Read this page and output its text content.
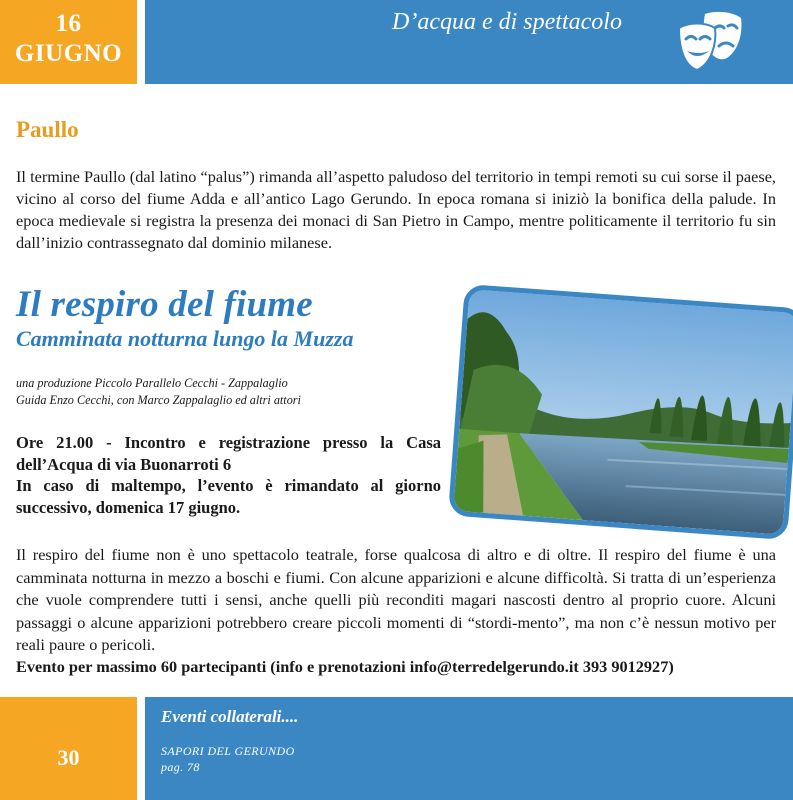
16
GIUGNO
D’acqua e di spettacolo
Paullo

Il termine Paullo (dal latino “palus”) rimanda all’aspetto paludoso del territorio in tempi remoti su cui sorse il paese, vicino al corso del fiume Adda e all’antico Lago Gerundo. In epoca romana si iniziò la bonifica della palude. In epoca medievale si registra la presenza dei monaci di San Pietro in Campo, mentre politicamente il territorio fu sin dall’inizio contrassegnato dal dominio milanese.

Il respiro del fiume
Camminata notturna lungo la Muzza
una produzione Piccolo Parallelo Cecchi - Zappalaglio
Guida Enzo Cecchi, con Marco Zappalaglio ed altri attori
Ore 21.00 - Incontro e registrazione presso la Casa dell’Acqua di via Buonarroti 6
In caso di maltempo, l’evento è rimandato al giorno successivo, domenica 17 giugno.

Il respiro del fiume non è uno spettacolo teatrale, forse qualcosa di altro e di oltre. Il respiro del fiume è una camminata notturna in mezzo a boschi e fiumi. Con alcune apparizioni e alcune difficoltà. Si tratta di un’esperienza che vuole comprendere tutti i sensi, anche quelli più reconditi magari nascosti dentro al proprio cuore. Alcuni passaggi o alcune apparizioni potrebbero creare piccoli momenti di “stordi-mento”, ma non c’è nessun motivo per reali paure o pericoli.

Evento per massimo 60 partecipanti (info e prenotazioni info@terredelgerundo.it 393 9012927)
30
Eventi collaterali....
SAPORI DEL GERUNDO
pag. 78
